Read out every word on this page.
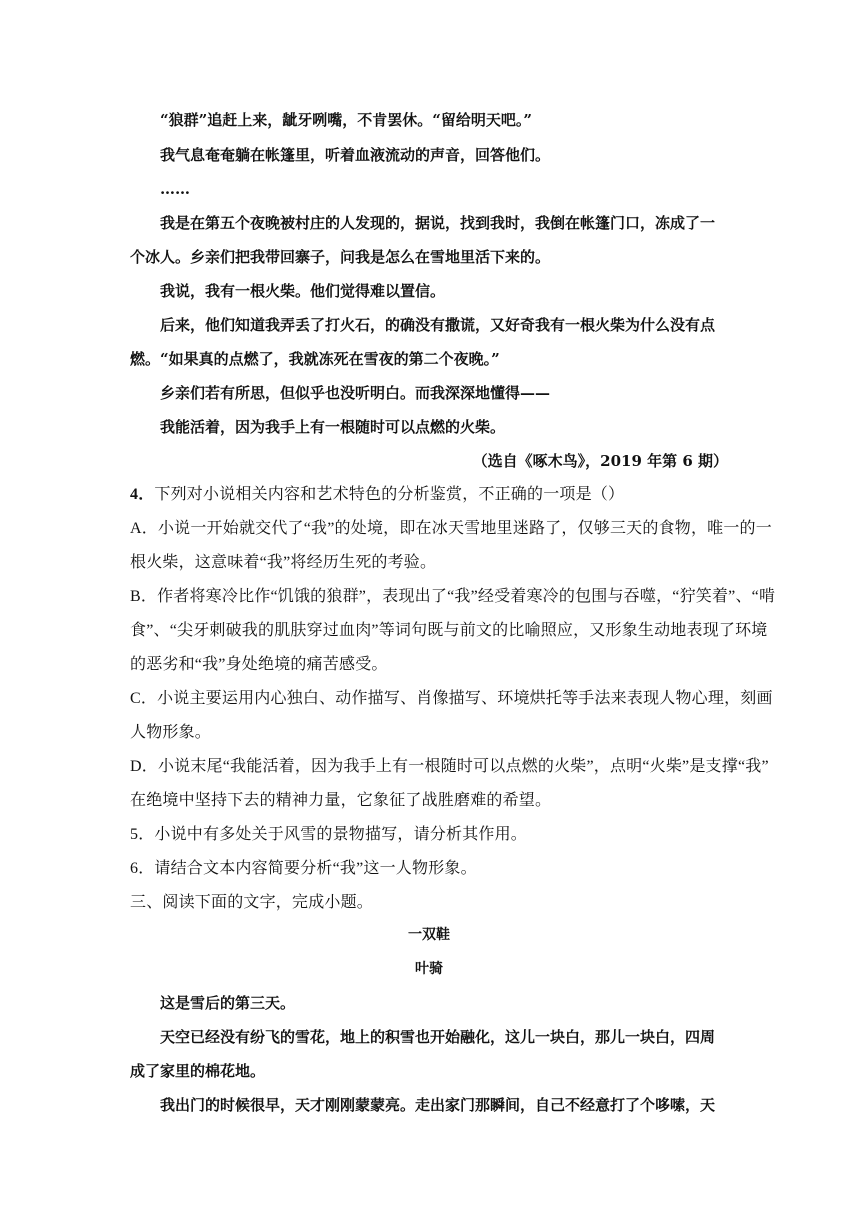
“狼群”追赶上来，龇牙咧嘴，不肯罢休。“留给明天吧。”
我气息奄奄躺在帐篷里，听着血液流动的声音，回答他们。
……
我是在第五个夜晚被村庄的人发现的，据说，找到我时，我倒在帐篷门口，冻成了一
个冰人。乡亲们把我带回寨子，问我是怎么在雪地里活下来的。
我说，我有一根火柴。他们觉得难以置信。
后来，他们知道我弄丢了打火石，的确没有撒谎，又好奇我有一根火柴为什么没有点
燃。“如果真的点燃了，我就冻死在雪夜的第二个夜晚。”
乡亲们若有所思，但似乎也没听明白。而我深深地懂得——
我能活着，因为我手上有一根随时可以点燃的火柴。
（选自《啄木鸟》，2019 年第 6 期）
4．下列对小说相关内容和艺术特色的分析鉴赏，不正确的一项是（）
A．小说一开始就交代了“我”的处境，即在冰天雪地里迷路了，仅够三天的食物，唯一的一
根火柴，这意味着“我”将经历生死的考验。
B．作者将寒冷比作“饥饿的狼群”，表现出了“我”经受着寒冷的包围与吞噬，“狞笑着”、“啃
食”、“尖牙刺破我的肌肤穿过血肉”等词句既与前文的比喻照应，又形象生动地表现了环境
的恶劣和“我”身处绝境的痛苦感受。
C．小说主要运用内心独白、动作描写、肖像描写、环境烘托等手法来表现人物心理，刻画
人物形象。
D．小说末尾“我能活着，因为我手上有一根随时可以点燃的火柴”，点明“火柴”是支撑“我”
在绝境中坚持下去的精神力量，它象征了战胜磨难的希望。
5．小说中有多处关于风雪的景物描写，请分析其作用。
6．请结合文本内容简要分析“我”这一人物形象。
三、阅读下面的文字，完成小题。
一双鞋
叶骑
这是雪后的第三天。
天空已经没有纷飞的雪花，地上的积雪也开始融化，这儿一块白，那儿一块白，四周
成了家里的棉花地。
我出门的时候很早，天才刚刚蒙蒙亮。走出家门那瞬间，自己不经意打了个哆嗦，天
